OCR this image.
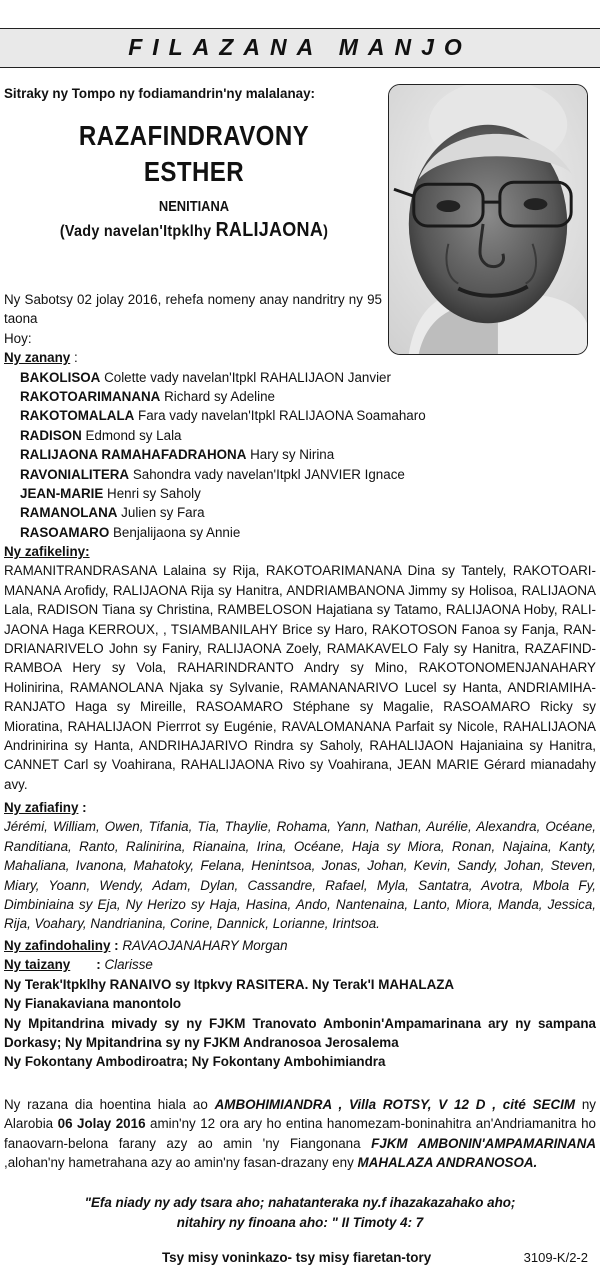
FILAZANA MANJO
Sitraky ny Tompo ny fodiamandrin'ny malalanay:
RAZAFINDRAVONY
ESTHER
NENITIANA
(Vady navelan'Itpklhy RALIJAONA)
Ny Sabotsy 02 jolay 2016, rehefa nomeny anay nandritry ny 95 taona
Hoy:
Ny zanany :
BAKOLISOA Colette vady navelan'Itpkl RAHALIJAON Janvier
RAKOTOARIMANANA Richard sy Adeline
RAKOTOMALALA Fara vady navelan'Itpkl RALIJAONA Soamaharo
RADISON Edmond sy Lala
RALIJAONA RAMAHAFADRAHONA Hary sy Nirina
RAVONIALITERA Sahondra vady navelan'Itpkl JANVIER Ignace
JEAN-MARIE Henri sy Saholy
RAMANOLANA Julien sy Fara
RASOAMARO Benjalijaona sy Annie
Ny zafikeliny:
RAMANITRANDRASANA Lalaina sy Rija, RAKOTOARIMANANA Dina sy Tantely, RAKOTOARI-MANANA Arofidy, RALIJAONA Rija sy Hanitra, ANDRIAMBANONA Jimmy sy Holisoa, RALIJAONA Lala, RADISON Tiana sy Christina, RAMBELOSON Hajatiana sy Tatamo, RALIJAONA Hoby, RALI-JAONA Haga KERROUX, , TSIAMBANILAHY Brice sy Haro, RAKOTOSON Fanoa sy Fanja, RAN-DRIANARIVELO John sy Faniry, RALIJAONA Zoely, RAMAKAVELO Faly sy Hanitra, RAZAFIND-RAMBOA Hery sy Vola, RAHARINDRANTO Andry sy Mino, RAKOTONOMENJANAHARY Holinirina, RAMANOLANA Njaka sy Sylvanie, RAMANANARIVO Lucel sy Hanta, ANDRIAMIHA-RANJATO Haga sy Mireille, RASOAMARO Stéphane sy Magalie, RASOAMARO Ricky sy Mioratina, RAHALIJAON Pierrrot sy Eugénie, RAVALOMANANA Parfait sy Nicole, RAHALIJAONA Andrinirina sy Hanta, ANDRIHAJARIVO Rindra sy Saholy, RAHALIJAON Hajaniaina sy Hanitra, CANNET Carl sy Voahirana, RAHALIJAONA Rivo sy Voahirana, JEAN MARIE Gérard mianadahy avy.
Ny zafiafiny :
Jérémi, William, Owen, Tifania, Tia, Thaylie, Rohama, Yann, Nathan, Aurélie, Alexandra, Océane, Randitiana, Ranto, Ralinirina, Rianaina, Irina, Océane, Haja sy Miora, Ronan, Najaina, Kanty, Mahaliana, Ivanona, Mahatoky, Felana, Henintsoa, Jonas, Johan, Kevin, Sandy, Johan, Steven, Miary, Yoann, Wendy, Adam, Dylan, Cassandre, Rafael, Myla, Santatra, Avotra, Mbola Fy, Dimbiniaina sy Eja, Ny Herizo sy Haja, Hasina, Ando, Nantenaina, Lanto, Miora, Manda, Jessica, Rija, Voahary, Nandrianina, Corine, Dannick, Lorianne, Irintsoa.
Ny zafindohaliny : RAVAOJANAHARY Morgan
Ny taizany       : Clarisse
Ny Terak'Itpklhy RANAIVO sy Itpkvy RASITERA. Ny Terak'I MAHALAZA
Ny Fianakaviana manontolo
Ny Mpitandrina mivady sy ny FJKM Tranovato Ambonin'Ampamarinana ary ny sampana Dorkasy; Ny Mpitandrina sy ny FJKM Andranosoa Jerosalema
Ny Fokontany Ambodiroatra; Ny Fokontany Ambohimiandra
Ny razana dia hoentina hiala ao AMBOHIMIANDRA , Villa ROTSY, V 12 D , cité SECIM ny Alarobia 06 Jolay 2016 amin'ny 12 ora ary ho entina hanomezam-boninahitra an'Andriamanitra ho fanaovarn-belona farany azy ao amin 'ny Fiangonana FJKM AMBONIN'AMPAMARINANA ,alohan'ny hametrahana azy ao amin'ny fasan-drazany eny MAHALAZA ANDRANOSOA.
"Efa niady ny ady tsara aho; nahatanteraka ny.f ihazakazahako aho;
nitahiry ny finoana aho: " II Timoty 4: 7
Tsy misy voninkazo- tsy misy fiaretan-tory	3109-K/2-2
